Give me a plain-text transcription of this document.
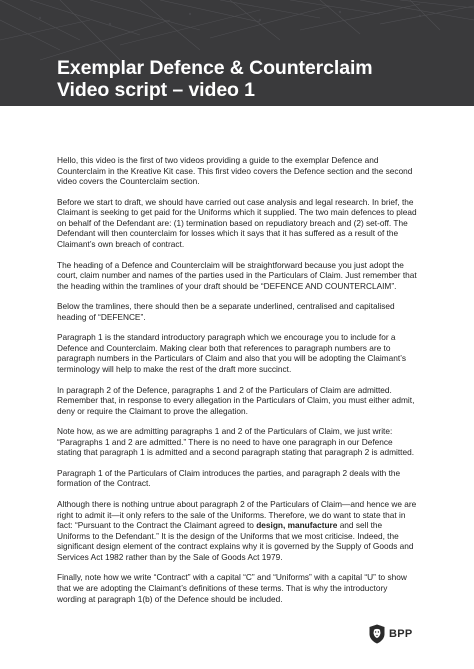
Exemplar Defence & Counterclaim
Video script – video 1

Hello, this video is the first of two videos providing a guide to the exemplar Defence and Counterclaim in the Kreative Kit case. This first video covers the Defence section and the second video covers the Counterclaim section.

Before we start to draft, we should have carried out case analysis and legal research. In brief, the Claimant is seeking to get paid for the Uniforms which it supplied. The two main defences to plead on behalf of the Defendant are: (1) termination based on repudiatory breach and (2) set-off. The Defendant will then counterclaim for losses which it says that it has suffered as a result of the Claimant’s own breach of contract.

The heading of a Defence and Counterclaim will be straightforward because you just adopt the court, claim number and names of the parties used in the Particulars of Claim. Just remember that the heading within the tramlines of your draft should be “DEFENCE AND COUNTERCLAIM”.

Below the tramlines, there should then be a separate underlined, centralised and capitalised heading of “DEFENCE”.

Paragraph 1 is the standard introductory paragraph which we encourage you to include for a Defence and Counterclaim. Making clear both that references to paragraph numbers are to paragraph numbers in the Particulars of Claim and also that you will be adopting the Claimant’s terminology will help to make the rest of the draft more succinct.

In paragraph 2 of the Defence, paragraphs 1 and 2 of the Particulars of Claim are admitted. Remember that, in response to every allegation in the Particulars of Claim, you must either admit, deny or require the Claimant to prove the allegation.

Note how, as we are admitting paragraphs 1 and 2 of the Particulars of Claim, we just write: “Paragraphs 1 and 2 are admitted.” There is no need to have one paragraph in our Defence stating that paragraph 1 is admitted and a second paragraph stating that paragraph 2 is admitted.

Paragraph 1 of the Particulars of Claim introduces the parties, and paragraph 2 deals with the formation of the Contract.

Although there is nothing untrue about paragraph 2 of the Particulars of Claim—and hence we are right to admit it—it only refers to the sale of the Uniforms. Therefore, we do want to state that in fact: “Pursuant to the Contract the Claimant agreed to design, manufacture and sell the Uniforms to the Defendant.” It is the design of the Uniforms that we most criticise. Indeed, the significant design element of the contract explains why it is governed by the Supply of Goods and Services Act 1982 rather than by the Sale of Goods Act 1979.

Finally, note how we write “Contract” with a capital “C” and “Uniforms” with a capital “U” to show that we are adopting the Claimant’s definitions of these terms. That is why the introductory wording at paragraph 1(b) of the Defence should be included.

BPP
